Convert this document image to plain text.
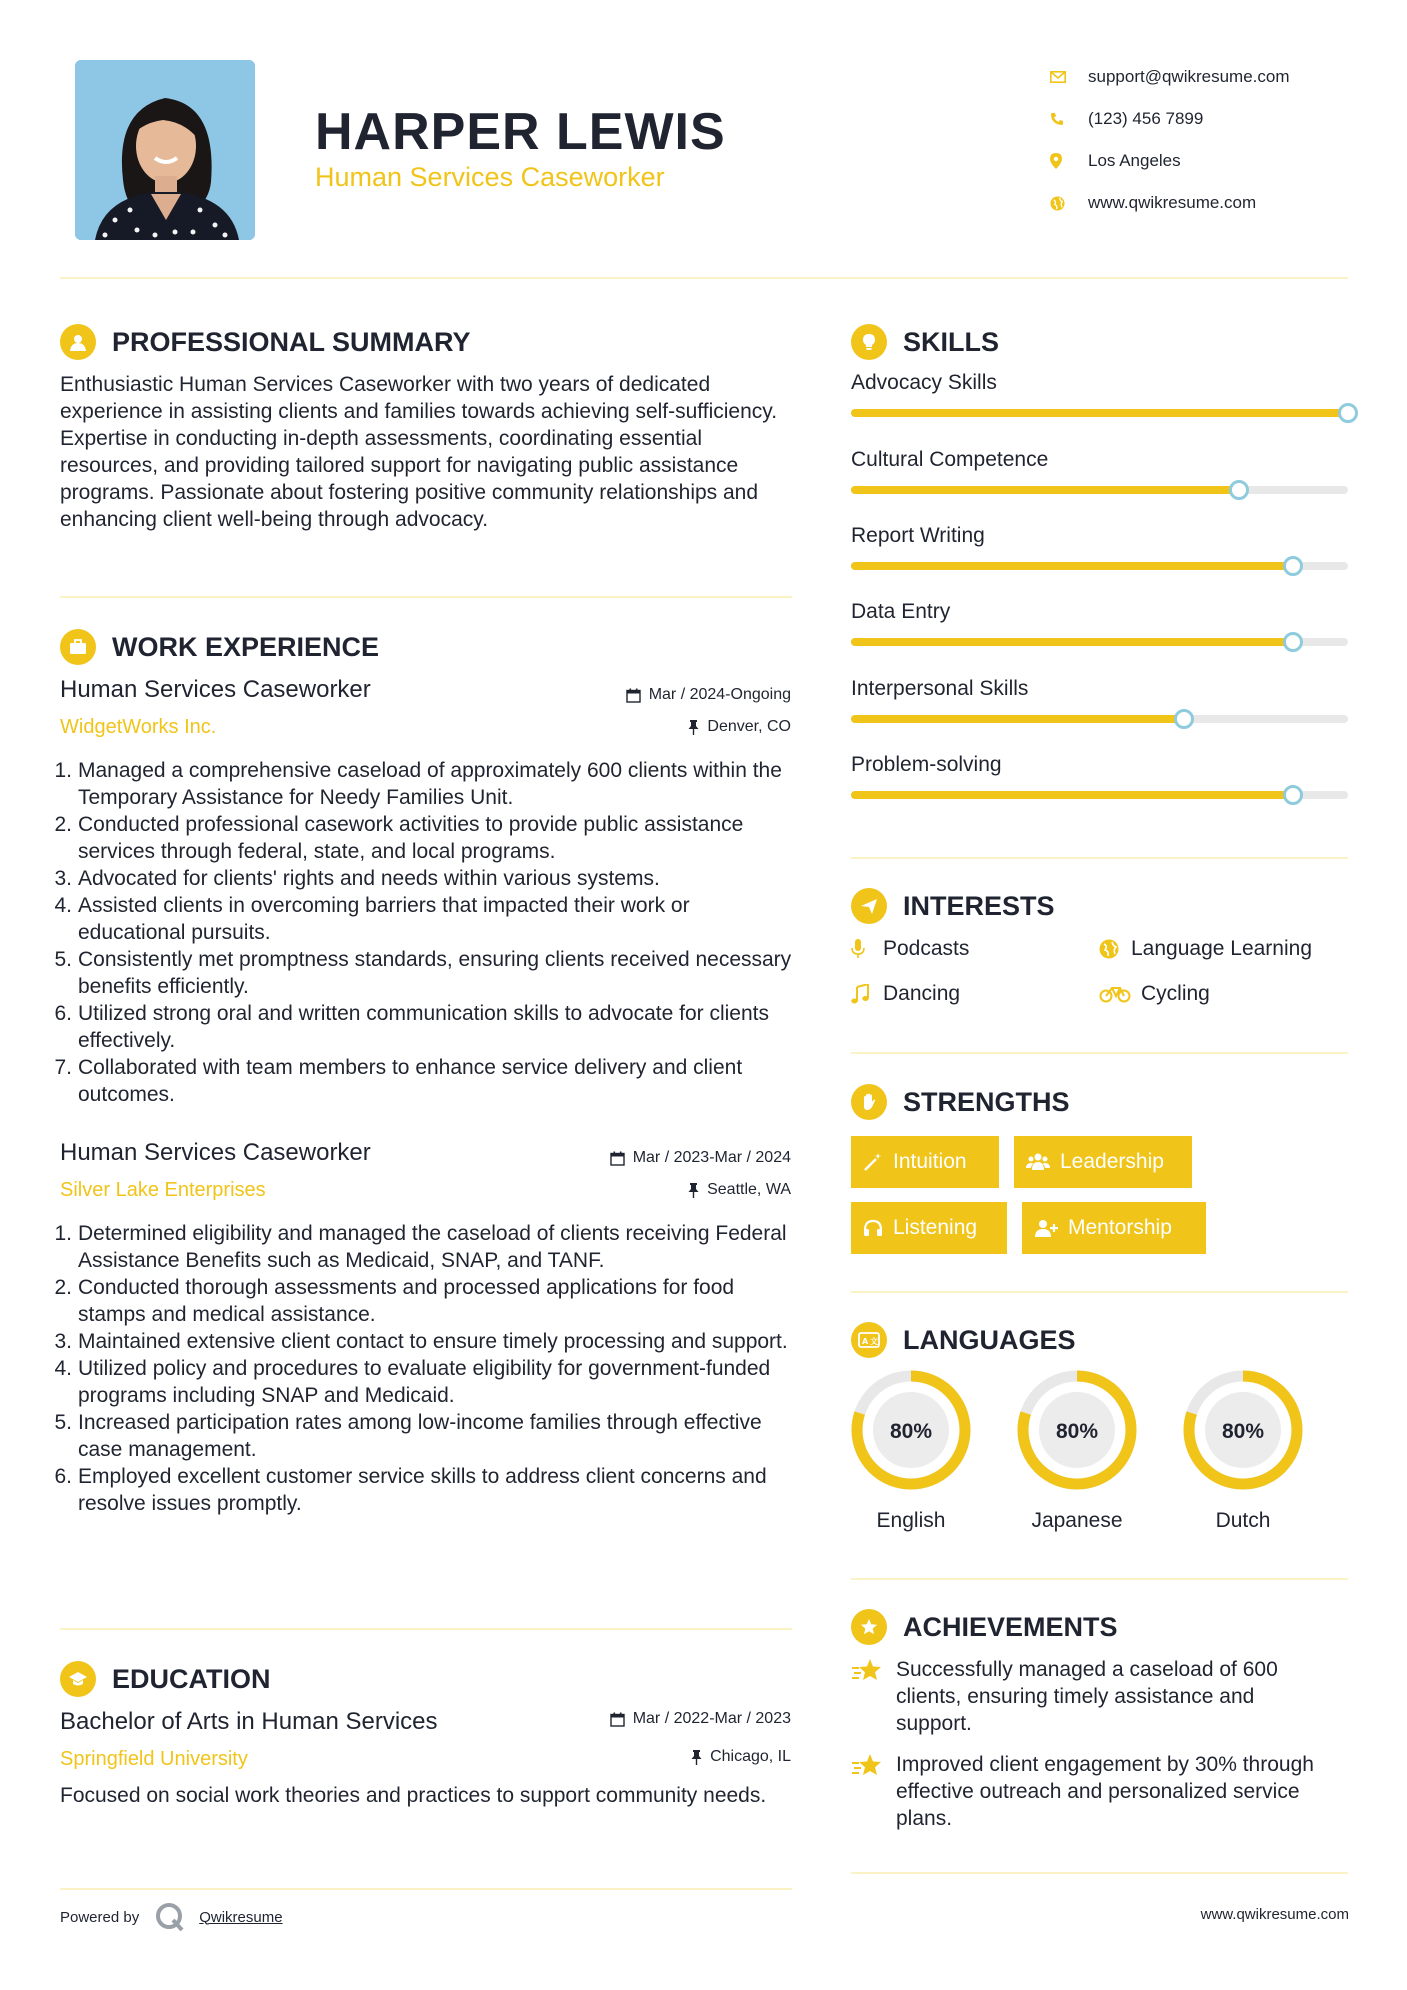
HARPER LEWIS
Human Services Caseworker
support@qwikresume.com
(123) 456 7899
Los Angeles
www.qwikresume.com
PROFESSIONAL SUMMARY
Enthusiastic Human Services Caseworker with two years of dedicated experience in assisting clients and families towards achieving self-sufficiency. Expertise in conducting in-depth assessments, coordinating essential resources, and providing tailored support for navigating public assistance programs. Passionate about fostering positive community relationships and enhancing client well-being through advocacy.
WORK EXPERIENCE
Human Services Caseworker	Mar / 2024-Ongoing
WidgetWorks Inc.	Denver, CO
1. Managed a comprehensive caseload of approximately 600 clients within the Temporary Assistance for Needy Families Unit.
2. Conducted professional casework activities to provide public assistance services through federal, state, and local programs.
3. Advocated for clients' rights and needs within various systems.
4. Assisted clients in overcoming barriers that impacted their work or educational pursuits.
5. Consistently met promptness standards, ensuring clients received necessary benefits efficiently.
6. Utilized strong oral and written communication skills to advocate for clients effectively.
7. Collaborated with team members to enhance service delivery and client outcomes.
Human Services Caseworker	Mar / 2023-Mar / 2024
Silver Lake Enterprises	Seattle, WA
1. Determined eligibility and managed the caseload of clients receiving Federal Assistance Benefits such as Medicaid, SNAP, and TANF.
2. Conducted thorough assessments and processed applications for food stamps and medical assistance.
3. Maintained extensive client contact to ensure timely processing and support.
4. Utilized policy and procedures to evaluate eligibility for government-funded programs including SNAP and Medicaid.
5. Increased participation rates among low-income families through effective case management.
6. Employed excellent customer service skills to address client concerns and resolve issues promptly.
EDUCATION
Bachelor of Arts in Human Services	Mar / 2022-Mar / 2023
Springfield University	Chicago, IL
Focused on social work theories and practices to support community needs.
SKILLS
Advocacy Skills
Cultural Competence
Report Writing
Data Entry
Interpersonal Skills
Problem-solving
INTERESTS
Podcasts	Language Learning
Dancing	Cycling
STRENGTHS
Intuition	Leadership
Listening	Mentorship
A 文 LANGUAGES
80%
English
80%
Japanese
80%
Dutch
ACHIEVEMENTS
Successfully managed a caseload of 600 clients, ensuring timely assistance and support.
Improved client engagement by 30% through effective outreach and personalized service plans.
Powered by	Qwikresume	www.qwikresume.com
